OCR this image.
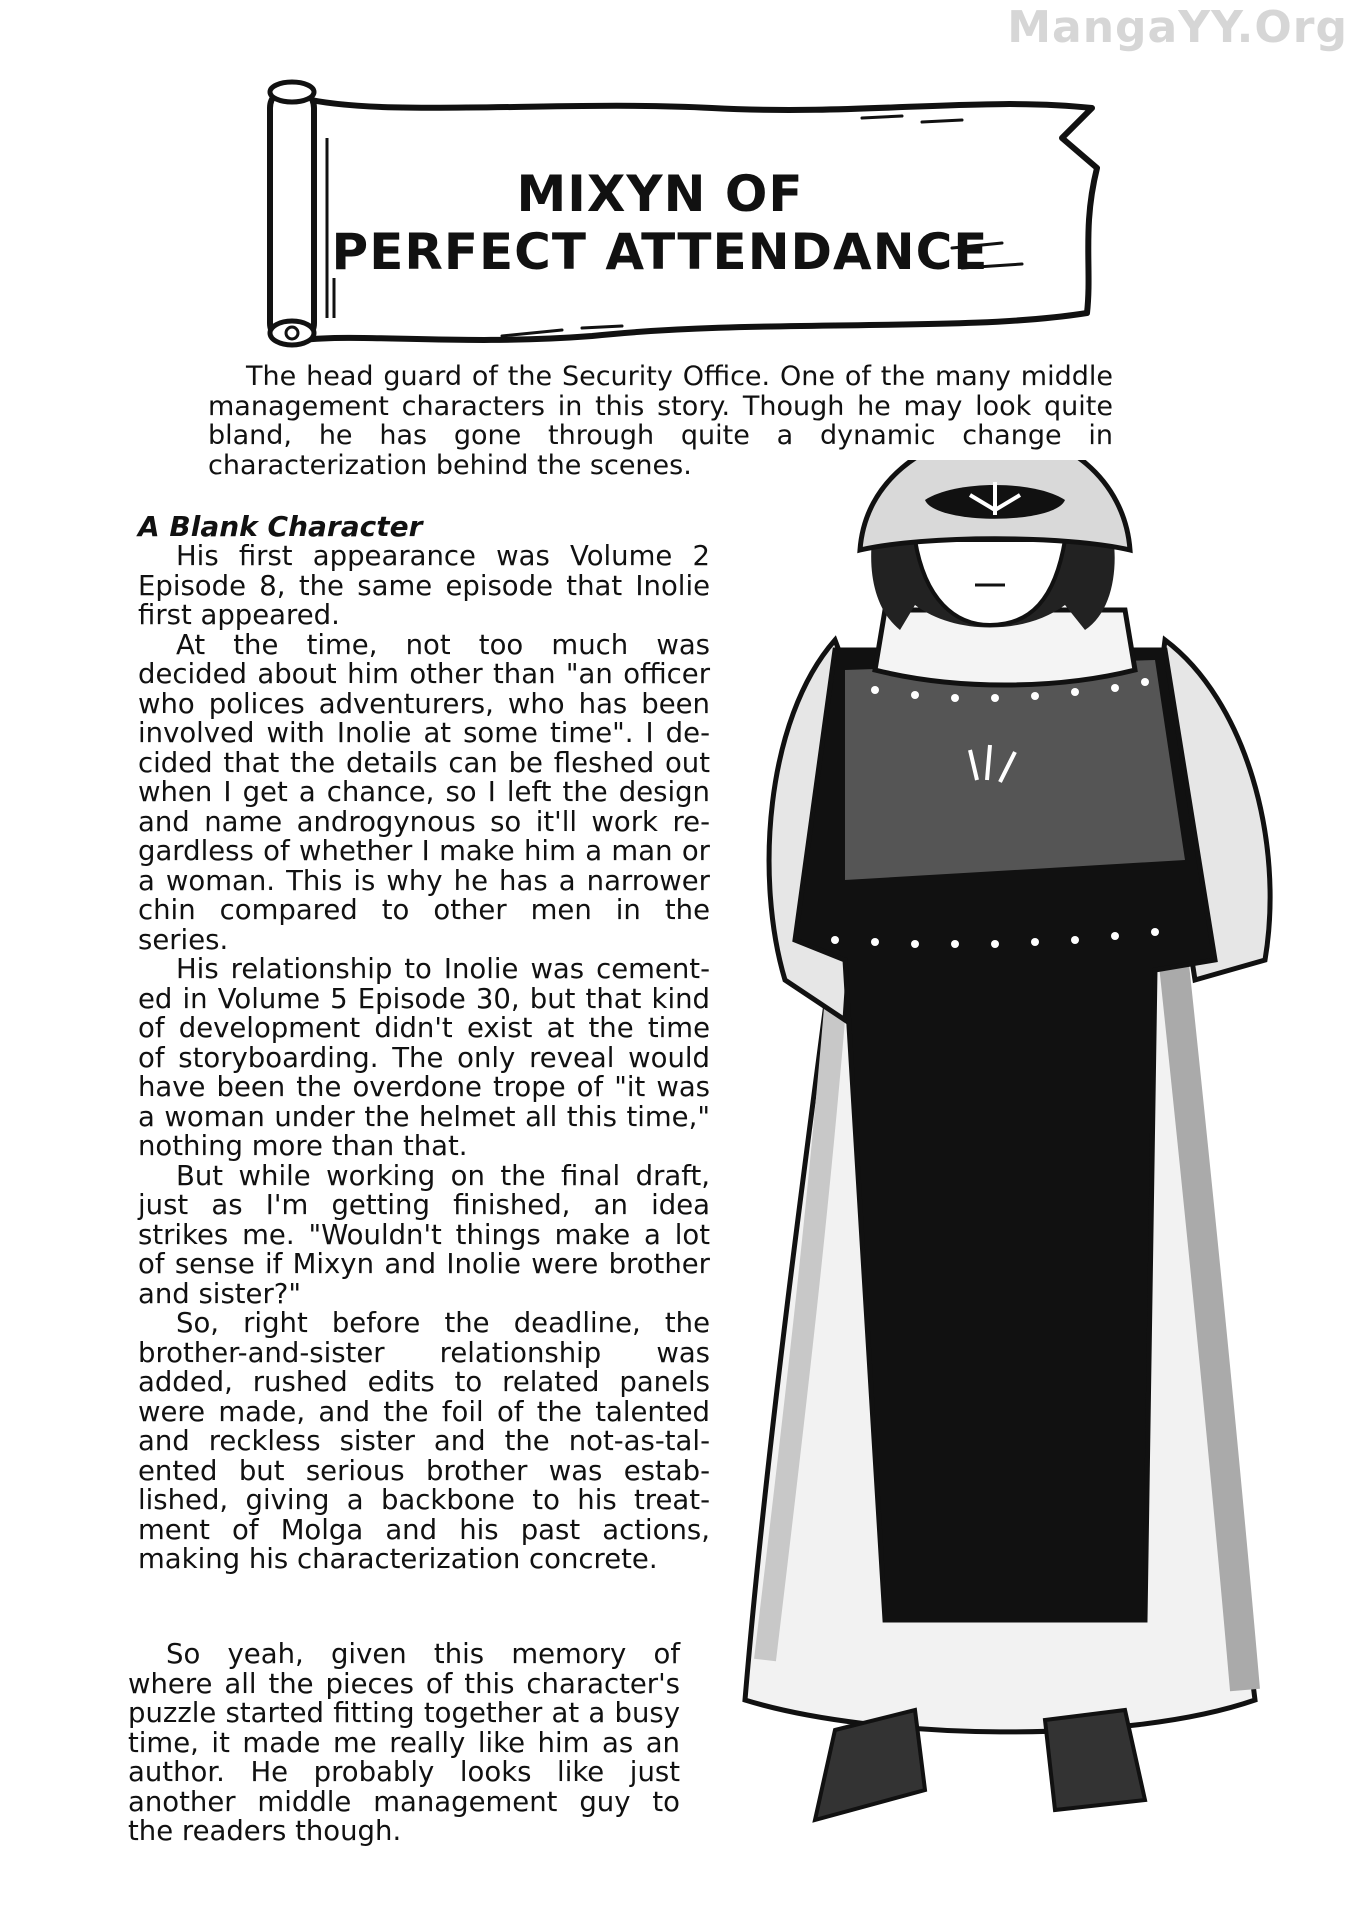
MangaYY.Org
MIXYN OF
PERFECT ATTENDANCE

The head guard of the Security Office. One of the many middle management characters in this story. Though he may look quite bland, he has gone through quite a dynamic change in characterization behind the scenes.

A Blank Character

His first appearance was Volume 2 Episode 8, the same episode that Inolie first appeared.

At the time, not too much was decided about him other than "an officer who polices adventurers, who has been involved with Inolie at some time". I decided that the details can be fleshed out when I get a chance, so I left the design and name androgynous so it'll work regardless of whether I make him a man or a woman. This is why he has a narrower chin compared to other men in the series.

His relationship to Inolie was cemented in Volume 5 Episode 30, but that kind of development didn't exist at the time of storyboarding. The only reveal would have been the overdone trope of "it was a woman under the helmet all this time," nothing more than that.

But while working on the final draft, just as I'm getting finished, an idea strikes me. "Wouldn't things make a lot of sense if Mixyn and Inolie were brother and sister?"

So, right before the deadline, the brother-and-sister relationship was added, rushed edits to related panels were made, and the foil of the talented and reckless sister and the not-as-talented but serious brother was established, giving a backbone to his treatment of Molga and his past actions, making his characterization concrete.

So yeah, given this memory of where all the pieces of this character's puzzle started fitting together at a busy time, it made me really like him as an author. He probably looks like just another middle management guy to the readers though.
